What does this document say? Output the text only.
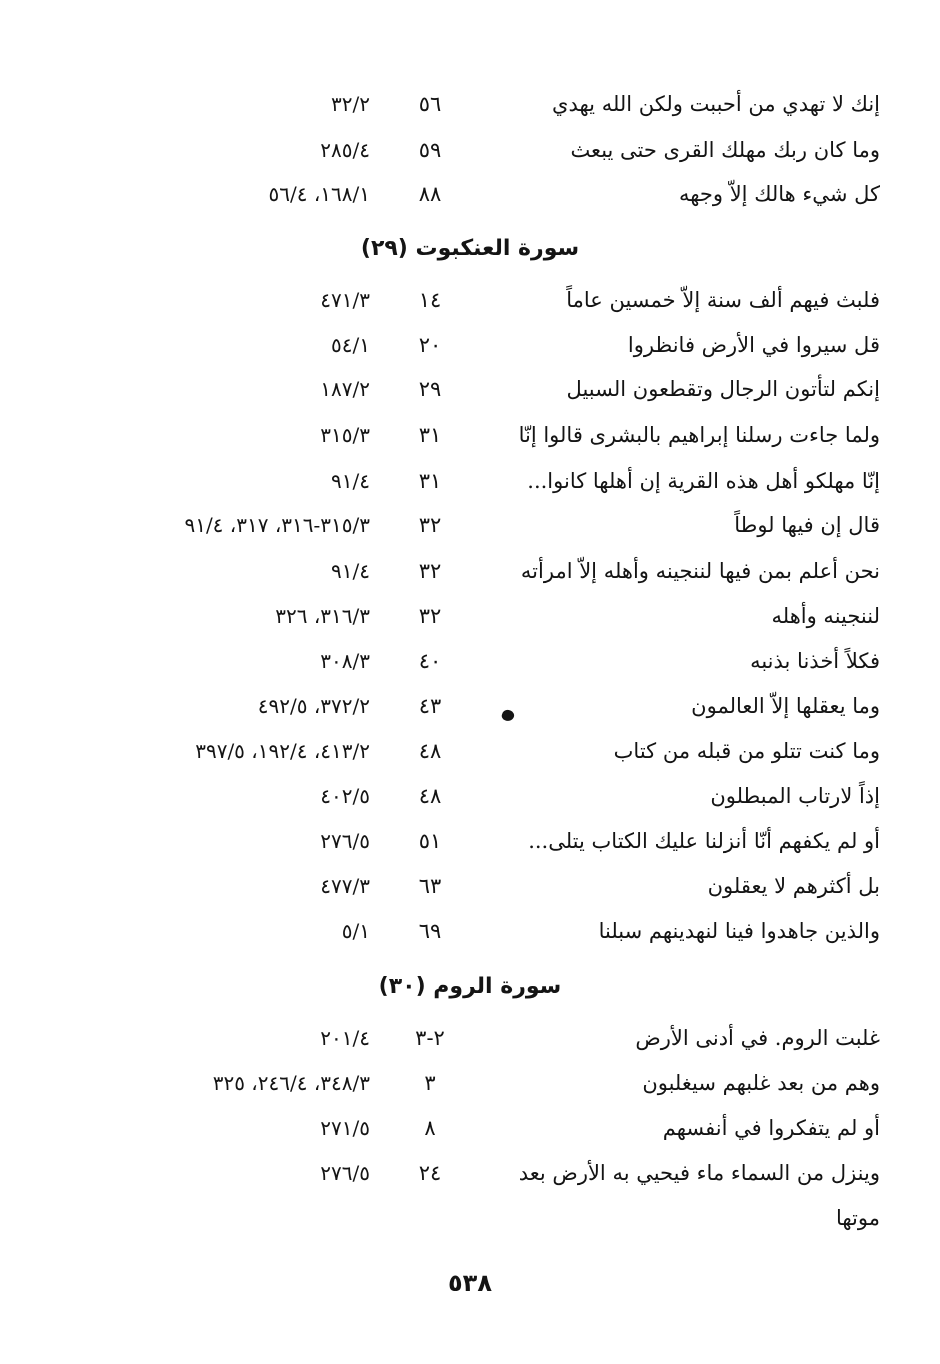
إنك لا تهدي من أحببت ولكن الله يهدي
٥٦
٣٢/٢
وما كان ربك مهلك القرى حتى يبعث
٥٩
٢٨٥/٤
كل شيء هالك إلاّ وجهه
٨٨
١٦٨/١، ٥٦/٤
سورة العنكبوت (٢٩)
فلبث فيهم ألف سنة إلاّ خمسين عاماً
١٤
٤٧١/٣
قل سيروا في الأرض فانظروا
٢٠
٥٤/١
إنكم لتأتون الرجال وتقطعون السبيل
٢٩
١٨٧/٢
ولما جاءت رسلنا إبراهيم بالبشرى قالوا إنّا
٣١
٣١٥/٣
إنّا مهلكو أهل هذه القرية إن أهلها كانوا...
٣١
٩١/٤
قال إن فيها لوطاً
٣٢
٣١٥/٣-٣١٦، ٣١٧، ٩١/٤
نحن أعلم بمن فيها لننجينه وأهله إلاّ امرأته
٣٢
٩١/٤
لننجينه وأهله
٣٢
٣١٦/٣، ٣٢٦
فكلاً أخذنا بذنبه
٤٠
٣٠٨/٣
وما يعقلها إلاّ العالمون
٤٣
٣٧٢/٢، ٤٩٢/٥
وما كنت تتلو من قبله من كتاب
٤٨
٤١٣/٢، ١٩٢/٤، ٣٩٧/٥
إذاً لارتاب المبطلون
٤٨
٤٠٢/٥
أو لم يكفهم أنّا أنزلنا عليك الكتاب يتلى...
٥١
٢٧٦/٥
بل أكثرهم لا يعقلون
٦٣
٤٧٧/٣
والذين جاهدوا فينا لنهدينهم سبلنا
٦٩
٥/١
سورة الروم (٣٠)
غلبت الروم. في أدنى الأرض
٢-٣
٢٠١/٤
وهم من بعد غلبهم سيغلبون
٣
٣٤٨/٣، ٢٤٦/٤، ٣٢٥
أو لم يتفكروا في أنفسهم
٨
٢٧١/٥
وينزل من السماء ماء فيحيي به الأرض بعد
٢٤
٢٧٦/٥
موتها
٥٣٨
